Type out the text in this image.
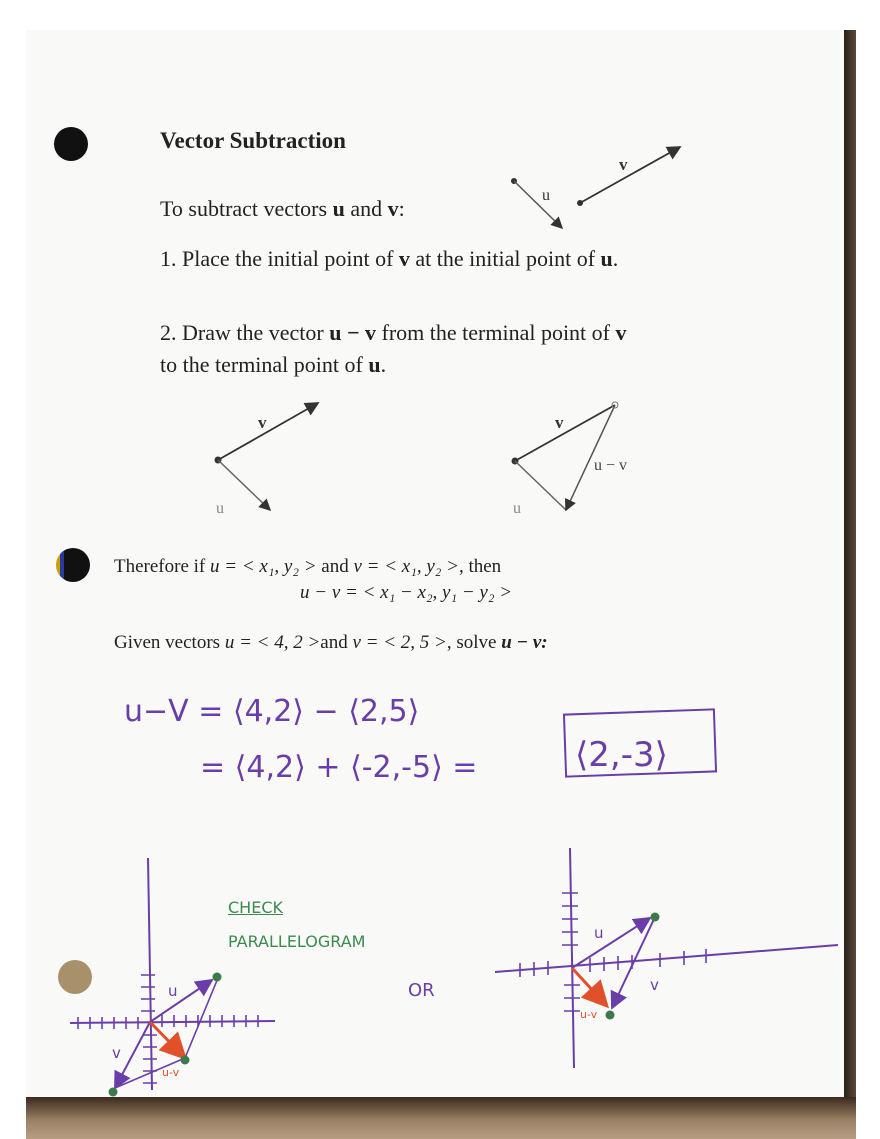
Vector Subtraction
To subtract vectors u and v:
1. Place the initial point of v at the initial point of u.
2. Draw the vector u − v from the terminal point of v
to the terminal point of u.
Therefore if u = < x₁, y₂ > and v = < x₁, y₂ >, then
u − v = < x₁ − x₂, y₁ − y₂ >
Given vectors u = < 4, 2 >and v = < 2, 5 >, solve u − v:
u−V = ⟨4,2⟩ − ⟨2,5⟩
= ⟨4,2⟩ + ⟨-2,-5⟩ =	⟨2,-3⟩
CHECK
PARALLELOGRAM
OR
u
v
v
u
v
u
u − v
u
v
u-v
u
v
u-v
